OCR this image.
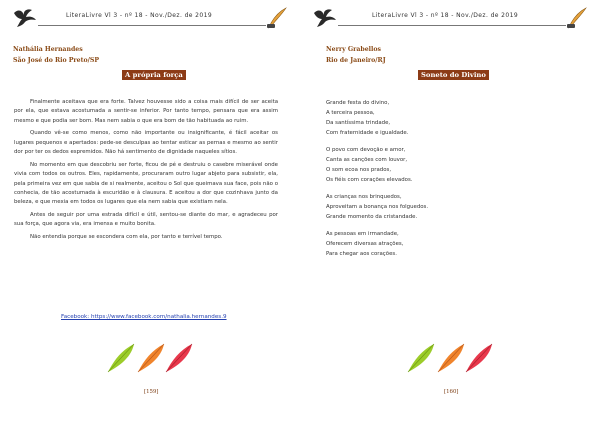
LiteraLivre Vl 3 - nº 18 - Nov./Dez. de 2019
Nathália Hernandes
São José do Rio Preto/SP
A própria força

Finalmente aceitava que era forte. Talvez houvesse sido a coisa mais difícil de ser aceita por ela, que estava acostumada a sentir-se inferior. Por tanto tempo, pensara que era assim mesmo e que podia ser bom. Mas nem sabia o que era bom de tão habituada ao ruim.

Quando vê-se como menos, como não importante ou insignificante, é fácil aceitar os lugares pequenos e apertados: pede-se desculpas ao tentar esticar as pernas e mesmo ao sentir dor por ter os dedos espremidos. Não há sentimento de dignidade naqueles sítios.

No momento em que descobriu ser forte, ficou de pé e destruiu o casebre miserável onde vivia com todos os outros. Eles, rapidamente, procuraram outro lugar abjeto para subsistir, ela, pela primeira vez em que sabia de si realmente, aceitou o Sol que queimava sua face, pois não o conhecia, de tão acostumada à escuridão e à clausura. E aceitou a dor que cozinhava junto da beleza, e que mexia em todos os lugares que ela nem sabia que existiam nela.

Antes de seguir por uma estrada difícil e útil, sentou-se diante do mar, e agradeceu por sua força, que agora via, era imensa e muito bonita.

Não entendia porque se escondera com ela, por tanto e terrível tempo.

Facebook: https://www.facebook.com/nathalia.hernandes.9
[159]
LiteraLivre Vl 3 - nº 18 - Nov./Dez. de 2019
Nerry Grabellos
Rio de Janeiro/RJ
Soneto do Divino
[160]
Grande festa do divino,
A terceira pessoa,
Da santíssima trindade,
Com fraternidade e igualdade.
O povo com devoção e amor,
Canta as canções com louvor,
O som ecoa nos prados,
Os fiéis com corações elevados.
As crianças nos brinquedos,
Aproveitam a bonança nos folguedos.
Grande momento da cristandade.
As pessoas em irmandade,
Oferecem diversas atrações,
Para chegar aos corações.
